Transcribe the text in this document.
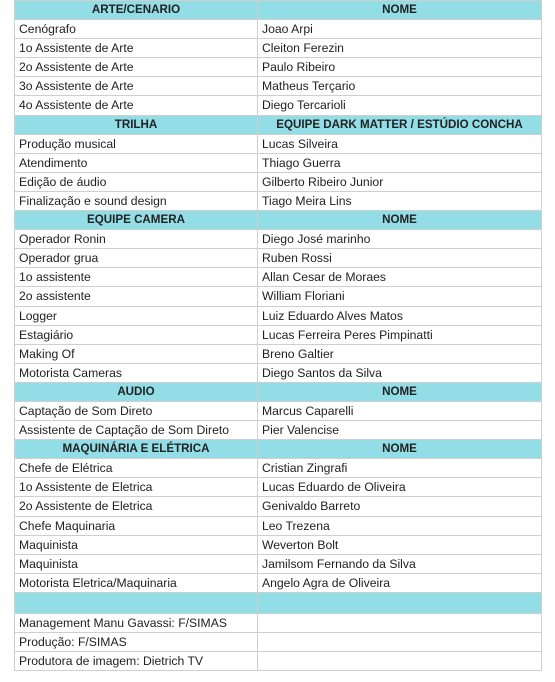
ARTE/CENARIO	NOME
Cenógrafo	Joao Arpi
1o Assistente de Arte	Cleiton Ferezin
2o Assistente de Arte	Paulo Ribeiro
3o Assistente de Arte	Matheus Terçario
4o Assistente de Arte	Diego Tercarioli
TRILHA	EQUIPE DARK MATTER / ESTÚDIO CONCHA
Produção musical	Lucas Silveira
Atendimento	Thiago Guerra
Edição de áudio	Gilberto Ribeiro Junior
Finalização e sound design	Tiago Meira Lins
EQUIPE CAMERA	NOME
Operador Ronin	Diego José marinho
Operador grua	Ruben Rossi
1o assistente	Allan Cesar de Moraes
2o assistente	William Floriani
Logger	Luiz Eduardo Alves Matos
Estagiário	Lucas Ferreira Peres Pimpinatti
Making Of	Breno Galtier
Motorista Cameras	Diego Santos da Silva
AUDIO	NOME
Captação de Som Direto	Marcus Caparelli
Assistente de Captação de Som Direto	Pier Valencise
MAQUINÁRIA E ELÉTRICA	NOME
Chefe de Elétrica	Cristian Zingrafi
1o Assistente de Eletrica	Lucas Eduardo de Oliveira
2o Assistente de Eletrica	Genivaldo Barreto
Chefe Maquinaria	Leo Trezena
Maquinista	Weverton Bolt
Maquinista	Jamilsom Fernando da Silva
Motorista Eletrica/Maquinaria	Angelo Agra de Oliveira

Management Manu Gavassi: F/SIMAS	
Produção: F/SIMAS	
Produtora de imagem: Dietrich TV	
